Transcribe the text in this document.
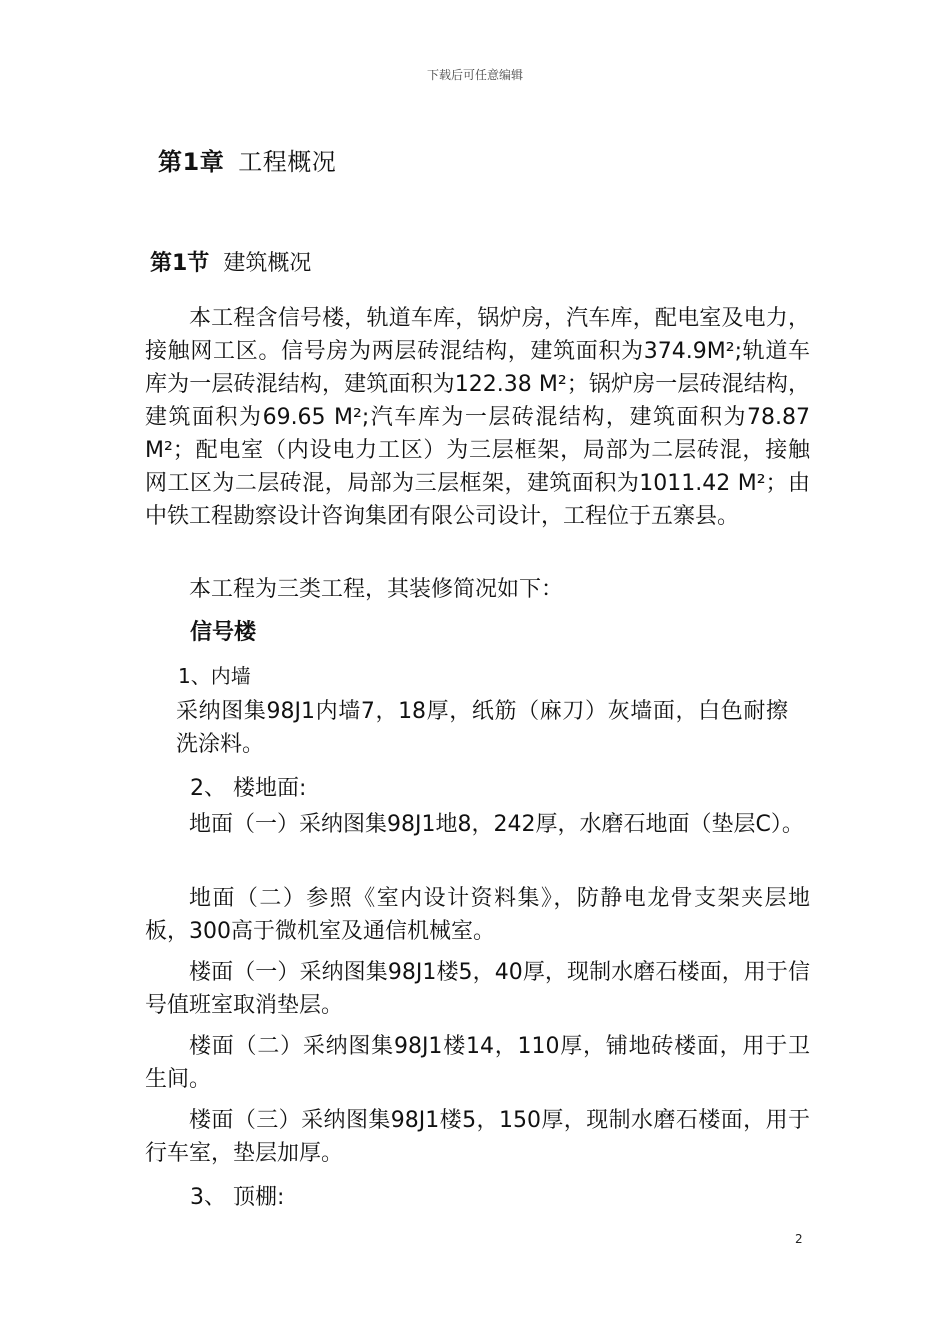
下载后可任意编辑
第1章 工程概况
第1节 建筑概况

本工程含信号楼，轨道车库，锅炉房，汽车库，配电室及电力，接触网工区。信号房为两层砖混结构，建筑面积为374.9M²;轨道车库为一层砖混结构，建筑面积为122.38 M²；锅炉房一层砖混结构，建筑面积为69.65 M²;汽车库为一层砖混结构，建筑面积为78.87 M²；配电室（内设电力工区）为三层框架，局部为二层砖混，接触网工区为二层砖混，局部为三层框架，建筑面积为1011.42 M²；由中铁工程勘察设计咨询集团有限公司设计，工程位于五寨县。

本工程为三类工程，其装修简况如下：

信号楼
1、内墙

采纳图集98J1内墙7，18厚，纸筋（麻刀）灰墙面，白色耐擦洗涂料。

2、 楼地面:

地面（一）采纳图集98J1地8，242厚，水磨石地面（垫层C）。

地面（二）参照《室内设计资料集》，防静电龙骨支架夹层地板，300高于微机室及通信机械室。

楼面（一）采纳图集98J1楼5，40厚，现制水磨石楼面，用于信号值班室取消垫层。

楼面（二）采纳图集98J1楼14，110厚，铺地砖楼面，用于卫生间。

楼面（三）采纳图集98J1楼5，150厚，现制水磨石楼面，用于行车室，垫层加厚。

3、 顶棚:
2
